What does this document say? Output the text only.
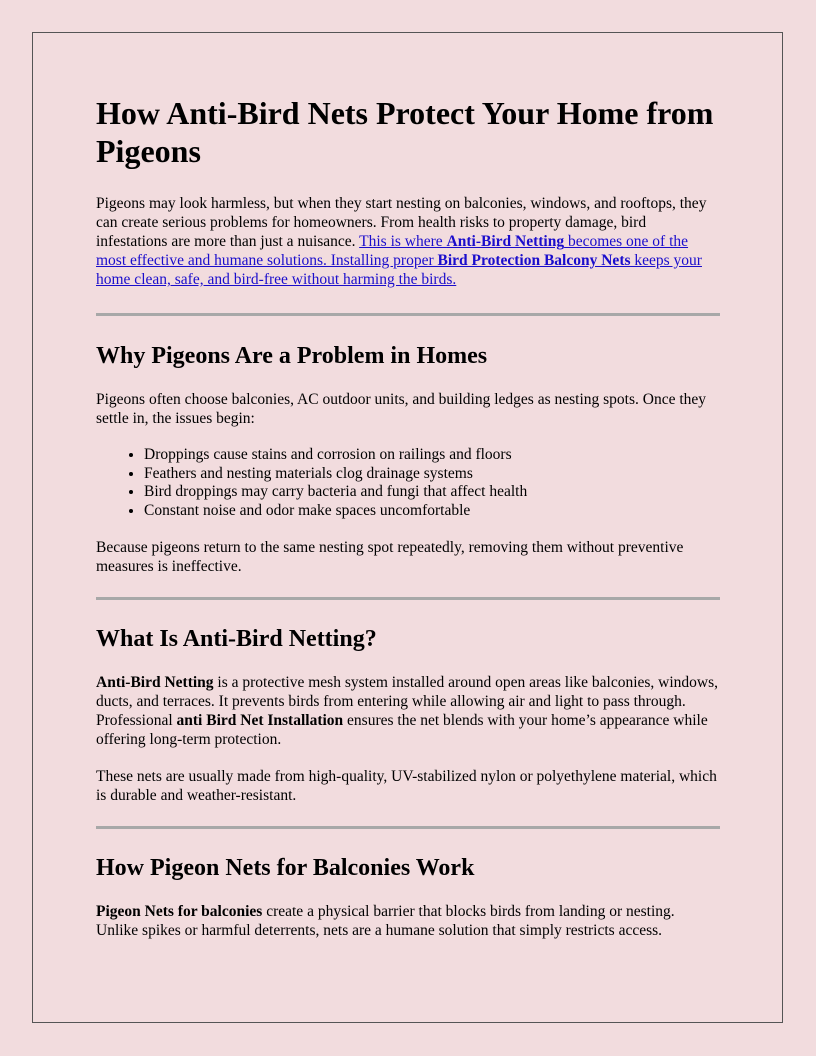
How Anti-Bird Nets Protect Your Home from Pigeons

Pigeons may look harmless, but when they start nesting on balconies, windows, and rooftops, they can create serious problems for homeowners. From health risks to property damage, bird infestations are more than just a nuisance. This is where Anti-Bird Netting becomes one of the most effective and humane solutions. Installing proper Bird Protection Balcony Nets keeps your home clean, safe, and bird-free without harming the birds.

Why Pigeons Are a Problem in Homes

Pigeons often choose balconies, AC outdoor units, and building ledges as nesting spots. Once they settle in, the issues begin:

• Droppings cause stains and corrosion on railings and floors
• Feathers and nesting materials clog drainage systems
• Bird droppings may carry bacteria and fungi that affect health
• Constant noise and odor make spaces uncomfortable

Because pigeons return to the same nesting spot repeatedly, removing them without preventive measures is ineffective.

What Is Anti-Bird Netting?

Anti-Bird Netting is a protective mesh system installed around open areas like balconies, windows, ducts, and terraces. It prevents birds from entering while allowing air and light to pass through. Professional anti Bird Net Installation ensures the net blends with your home’s appearance while offering long-term protection.

These nets are usually made from high-quality, UV-stabilized nylon or polyethylene material, which is durable and weather-resistant.

How Pigeon Nets for Balconies Work

Pigeon Nets for balconies create a physical barrier that blocks birds from landing or nesting. Unlike spikes or harmful deterrents, nets are a humane solution that simply restricts access.
